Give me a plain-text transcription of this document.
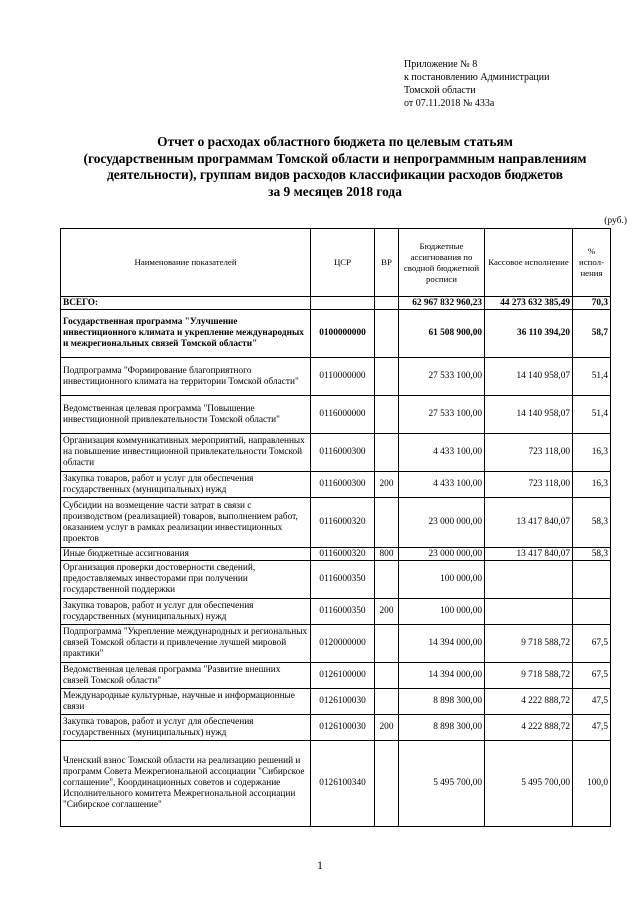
Приложение № 8
к постановлению Администрации
Томской области
от 07.11.2018 № 433а
Отчет о расходах областного бюджета по целевым статьям
(государственным программам Томской области и непрограммным направлениям
деятельности), группам видов расходов классификации расходов бюджетов
за 9 месяцев 2018 года
(руб.)
Наименование показателей	ЦСР	ВР	Бюджетные ассигнования по сводной бюджетной росписи	Кассовое исполнение	% испол- нения
ВСЕГО:			62 967 832 960,23	44 273 632 385,49	70,3
Государственная программа "Улучшение инвестиционного климата и укрепление международных и межрегиональных связей Томской области"	0100000000		61 508 900,00	36 110 394,20	58,7
Подпрограмма "Формирование благоприятного инвестиционного климата на территории Томской области"	0110000000		27 533 100,00	14 140 958,07	51,4
Ведомственная целевая программа "Повышение инвестиционной привлекательности Томской области"	0116000000		27 533 100,00	14 140 958,07	51,4
Организация коммуникативных мероприятий, направленных на повышение инвестиционной привлекательности Томской области	0116000300		4 433 100,00	723 118,00	16,3
Закупка товаров, работ и услуг для обеспечения государственных (муниципальных) нужд	0116000300	200	4 433 100,00	723 118,00	16,3
Субсидии на возмещение части затрат в связи с производством (реализацией) товаров, выполнением работ, оказанием услуг в рамках реализации инвестиционных проектов	0116000320		23 000 000,00	13 417 840,07	58,3
Иные бюджетные ассигнования	0116000320	800	23 000 000,00	13 417 840,07	58,3
Организация проверки достоверности сведений, предоставляемых инвесторами при получении государственной поддержки	0116000350		100 000,00		
Закупка товаров, работ и услуг для обеспечения государственных (муниципальных) нужд	0116000350	200	100 000,00		
Подпрограмма "Укрепление международных и региональных связей Томской области и привлечение лучшей мировой практики"	0120000000		14 394 000,00	9 718 588,72	67,5
Ведомственная целевая программа "Развитие внешних связей Томской области"	0126100000		14 394 000,00	9 718 588,72	67,5
Международные культурные, научные и информационные связи	0126100030		8 898 300,00	4 222 888,72	47,5
Закупка товаров, работ и услуг для обеспечения государственных (муниципальных) нужд	0126100030	200	8 898 300,00	4 222 888,72	47,5
Членский взнос Томской области на реализацию решений и программ Совета Межрегиональной ассоциации "Сибирское соглашение", Координационных советов и содержание Исполнительного комитета Межрегиональной ассоциации "Сибирское соглашение"	0126100340		5 495 700,00	5 495 700,00	100,0
1
